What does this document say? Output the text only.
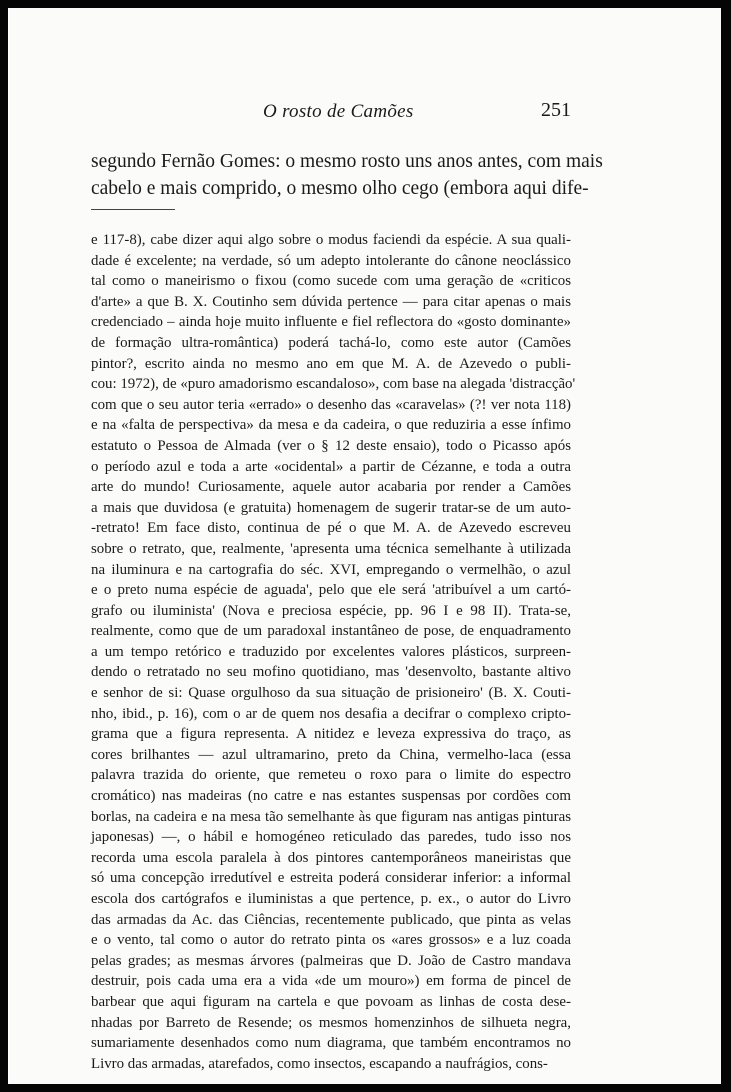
O rosto de Camões	251
segundo Fernão Gomes: o mesmo rosto uns anos antes, com mais
cabelo e mais comprido, o mesmo olho cego (embora aqui dife-
e 117-8), cabe dizer aqui algo sobre o modus faciendi da espécie. A sua quali-
dade é excelente; na verdade, só um adepto intolerante do cânone neoclássico
tal como o maneirismo o fixou (como sucede com uma geração de «criticos
d'arte» a que B. X. Coutinho sem dúvida pertence — para citar apenas o mais
credenciado – ainda hoje muito influente e fiel reflectora do «gosto dominante»
de formação ultra-romântica) poderá tachá-lo, como este autor (Camões
pintor?, escrito ainda no mesmo ano em que M. A. de Azevedo o publi-
cou: 1972), de «puro amadorismo escandaloso», com base na alegada 'distracção'
com que o seu autor teria «errado» o desenho das «caravelas» (?! ver nota 118)
e na «falta de perspectiva» da mesa e da cadeira, o que reduziria a esse ínfimo
estatuto o Pessoa de Almada (ver o § 12 deste ensaio), todo o Picasso após
o período azul e toda a arte «ocidental» a partir de Cézanne, e toda a outra
arte do mundo! Curiosamente, aquele autor acabaria por render a Camões
a mais que duvidosa (e gratuita) homenagem de sugerir tratar-se de um auto-
-retrato! Em face disto, continua de pé o que M. A. de Azevedo escreveu
sobre o retrato, que, realmente, 'apresenta uma técnica semelhante à utilizada
na iluminura e na cartografia do séc. XVI, empregando o vermelhão, o azul
e o preto numa espécie de aguada', pelo que ele será 'atribuível a um cartó-
grafo ou iluminista' (Nova e preciosa espécie, pp. 96 I e 98 II). Trata-se,
realmente, como que de um paradoxal instantâneo de pose, de enquadramento
a um tempo retórico e traduzido por excelentes valores plásticos, surpreen-
dendo o retratado no seu mofino quotidiano, mas 'desenvolto, bastante altivo
e senhor de si: Quase orgulhoso da sua situação de prisioneiro' (B. X. Couti-
nho, ibid., p. 16), com o ar de quem nos desafia a decifrar o complexo cripto-
grama que a figura representa. A nitidez e leveza expressiva do traço, as
cores brilhantes — azul ultramarino, preto da China, vermelho-laca (essa
palavra trazida do oriente, que remeteu o roxo para o limite do espectro
cromático) nas madeiras (no catre e nas estantes suspensas por cordões com
borlas, na cadeira e na mesa tão semelhante às que figuram nas antigas pinturas
japonesas) —, o hábil e homogéneo reticulado das paredes, tudo isso nos
recorda uma escola paralela à dos pintores cantemporâneos maneiristas que
só uma concepção irredutível e estreita poderá considerar inferior: a informal
escola dos cartógrafos e iluministas a que pertence, p. ex., o autor do Livro
das armadas da Ac. das Ciências, recentemente publicado, que pinta as velas
e o vento, tal como o autor do retrato pinta os «ares grossos» e a luz coada
pelas grades; as mesmas árvores (palmeiras que D. João de Castro mandava
destruir, pois cada uma era a vida «de um mouro») em forma de pincel de
barbear que aqui figuram na cartela e que povoam as linhas de costa dese-
nhadas por Barreto de Resende; os mesmos homenzinhos de silhueta negra,
sumariamente desenhados como num diagrama, que também encontramos no
Livro das armadas, atarefados, como insectos, escapando a naufrágios, cons-
